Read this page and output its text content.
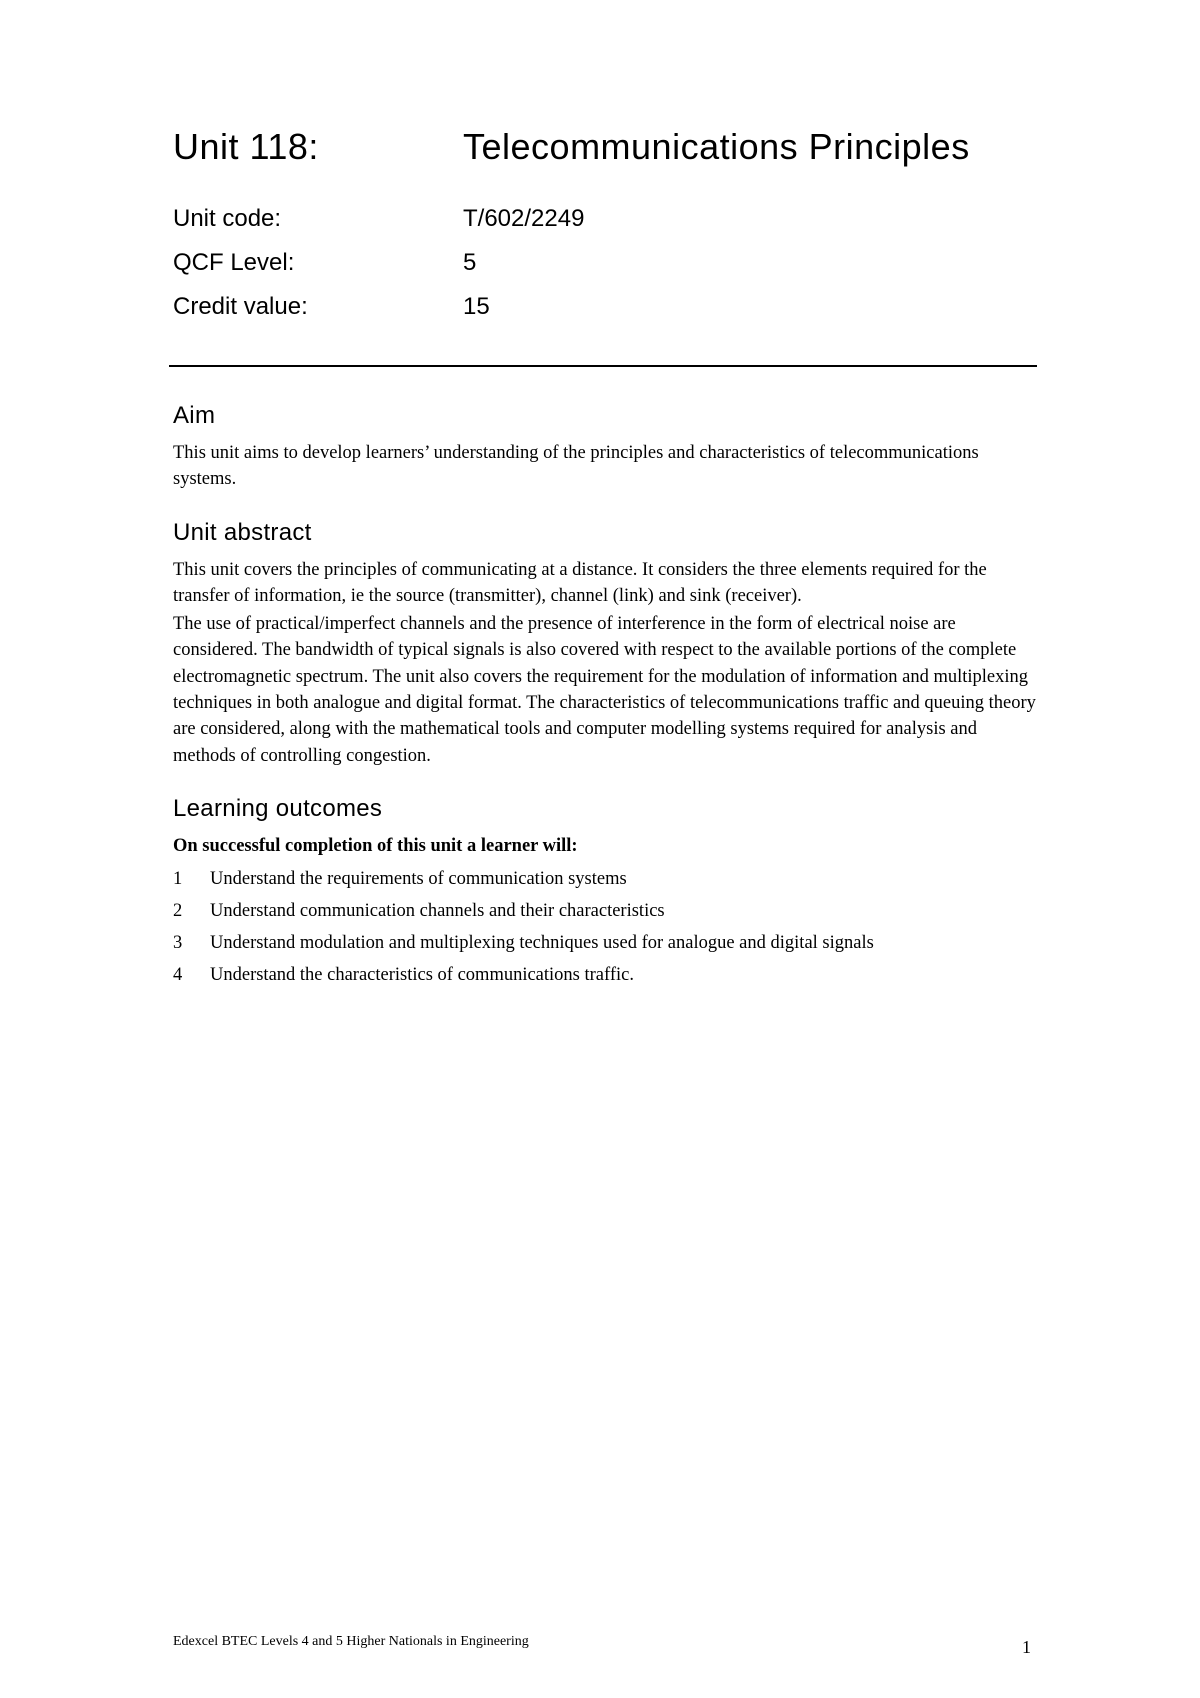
Unit 118:	Telecommunications Principles
Unit code:	T/602/2249
QCF Level:	5
Credit value:	15
Aim

This unit aims to develop learners’ understanding of the principles and characteristics of telecommunications systems.

Unit abstract

This unit covers the principles of communicating at a distance. It considers the three elements required for the transfer of information, ie the source (transmitter), channel (link) and sink (receiver).

The use of practical/imperfect channels and the presence of interference in the form of electrical noise are considered. The bandwidth of typical signals is also covered with respect to the available portions of the complete electromagnetic spectrum. The unit also covers the requirement for the modulation of information and multiplexing techniques in both analogue and digital format. The characteristics of telecommunications traffic and queuing theory are considered, along with the mathematical tools and computer modelling systems required for analysis and methods of controlling congestion.

Learning outcomes

On successful completion of this unit a learner will:

1	Understand the requirements of communication systems
2	Understand communication channels and their characteristics
3	Understand modulation and multiplexing techniques used for analogue and digital signals
4	Understand the characteristics of communications traffic.
Edexcel BTEC Levels 4 and 5 Higher Nationals in Engineering	1
